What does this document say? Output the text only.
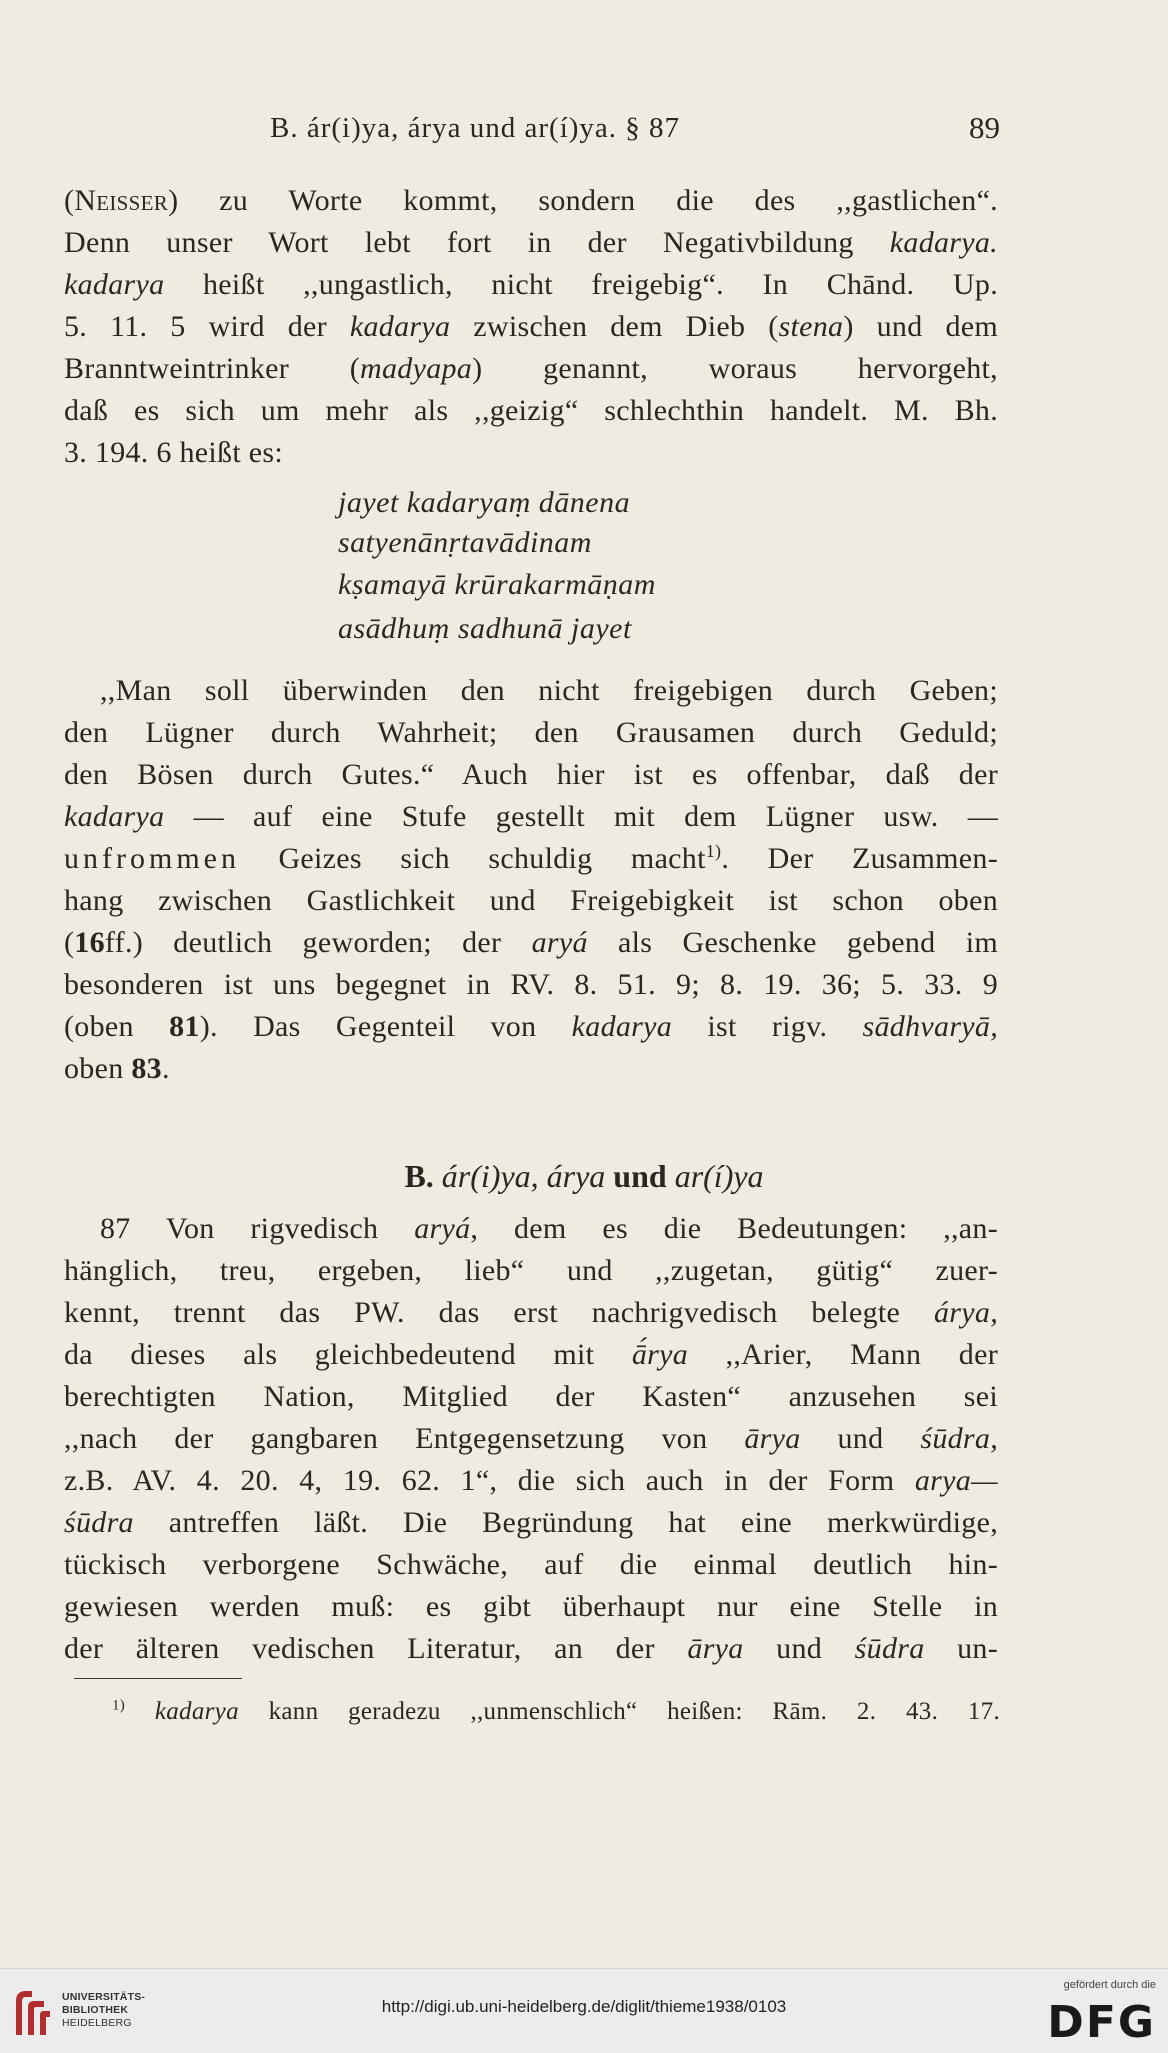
B. ár(i)ya, árya und ar(í)ya. § 87	89
(Neisser) zu Worte kommt, sondern die des ,,gastlichen“.
Denn unser Wort lebt fort in der Negativbildung kadarya.
kadarya heißt ,,ungastlich, nicht freigebig“. In Chānd. Up.
5. 11. 5 wird der kadarya zwischen dem Dieb (stena) und dem
Branntweintrinker (madyapa) genannt, woraus hervorgeht,
daß es sich um mehr als ,,geizig“ schlechthin handelt. M. Bh.
3. 194. 6 heißt es:
jayet kadaryaṃ dānena
satyenānṛtavādinam
kṣamayā krūrakarmāṇam
asādhuṃ sadhunā jayet
,,Man soll überwinden den nicht freigebigen durch Geben;
den Lügner durch Wahrheit; den Grausamen durch Geduld;
den Bösen durch Gutes.“ Auch hier ist es offenbar, daß der
kadarya — auf eine Stufe gestellt mit dem Lügner usw. —
unfrommen Geizes sich schuldig macht$^{1)}$. Der Zusammen-
hang zwischen Gastlichkeit und Freigebigkeit ist schon oben
(16ff.) deutlich geworden; der aryá als Geschenke gebend im
besonderen ist uns begegnet in RV. 8. 51. 9; 8. 19. 36; 5. 33. 9
(oben 81). Das Gegenteil von kadarya ist rigv. sādhvaryā,
oben 83.
B. ár(i)ya, árya und ar(í)ya
87 Von rigvedisch aryá, dem es die Bedeutungen: ,,an-
hänglich, treu, ergeben, lieb“ und ,,zugetan, gütig“ zuer-
kennt, trennt das PW. das erst nachrigvedisch belegte árya,
da dieses als gleichbedeutend mit ā́rya ,,Arier, Mann der
berechtigten Nation, Mitglied der Kasten“ anzusehen sei
,,nach der gangbaren Entgegensetzung von ārya und śūdra,
z.B. AV. 4. 20. 4, 19. 62. 1“, die sich auch in der Form arya—
śūdra antreffen läßt. Die Begründung hat eine merkwürdige,
tückisch verborgene Schwäche, auf die einmal deutlich hin-
gewiesen werden muß: es gibt überhaupt nur eine Stelle in
der älteren vedischen Literatur, an der ārya und śūdra un-
$^{1)}$ kadarya kann geradezu ,,unmenschlich“ heißen: Rām. 2. 43. 17.
UNIVERSITÄTS-
BIBLIOTHEK
HEIDELBERG
http://digi.ub.uni-heidelberg.de/diglit/thieme1938/0103
gefördert durch die
DFG
